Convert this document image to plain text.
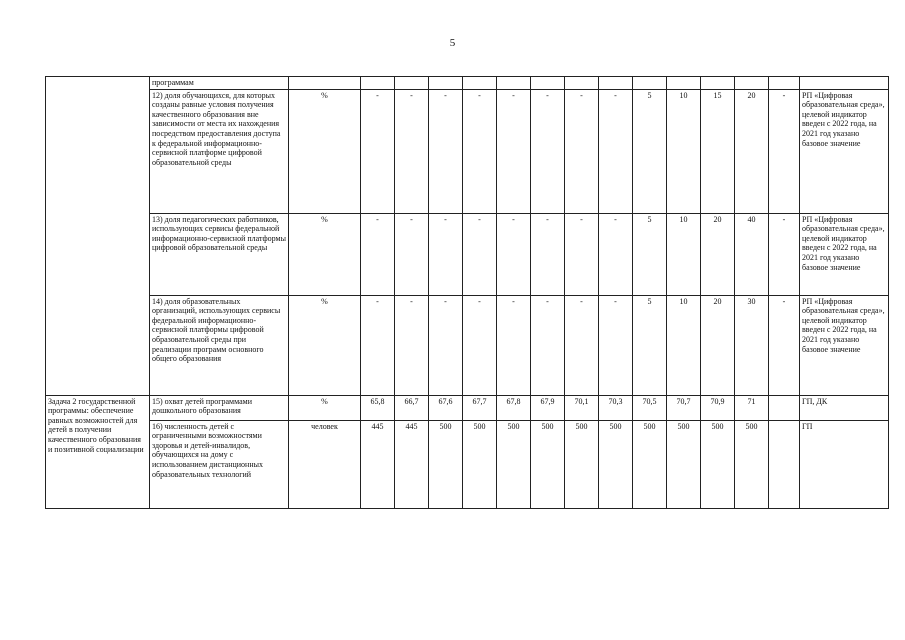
5
	программам															
	12) доля обучающихся, для которых созданы равные условия получения качественного образования вне зависимости от места их нахождения посредством предоставления доступа к федеральной информационно-сервисной платформе цифровой образовательной среды	%	-	-	-	-	-	-	-	-	5	10	15	20	-	РП «Цифровая образовательная среда», целевой индикатор введен с 2022 года, на 2021 год указано базовое значение
	13) доля педагогических работников, использующих сервисы федеральной информационно-сервисной платформы цифровой образовательной среды	%	-	-	-	-	-	-	-	-	5	10	20	40	-	РП «Цифровая образовательная среда», целевой индикатор введен с 2022 года, на 2021 год указано базовое значение
	14) доля образовательных организаций, использующих сервисы федеральной информационно-сервисной платформы цифровой образовательной среды при реализации программ основного общего образования	%	-	-	-	-	-	-	-	-	5	10	20	30	-	РП «Цифровая образовательная среда», целевой индикатор введен с 2022 года, на 2021 год указано базовое значение
Задача 2 государственной программы: обеспечение равных возможностей для детей в получении качественного образования и позитивной социализации	15) охват детей программами дошкольного образования	%	65,8	66,7	67,6	67,7	67,8	67,9	70,1	70,3	70,5	70,7	70,9	71		ГП, ДК
	16) численность детей с ограниченными возможностями здоровья и детей-инвалидов, обучающихся на дому с использованием дистанционных образовательных технологий	человек	445	445	500	500	500	500	500	500	500	500	500	500		ГП
